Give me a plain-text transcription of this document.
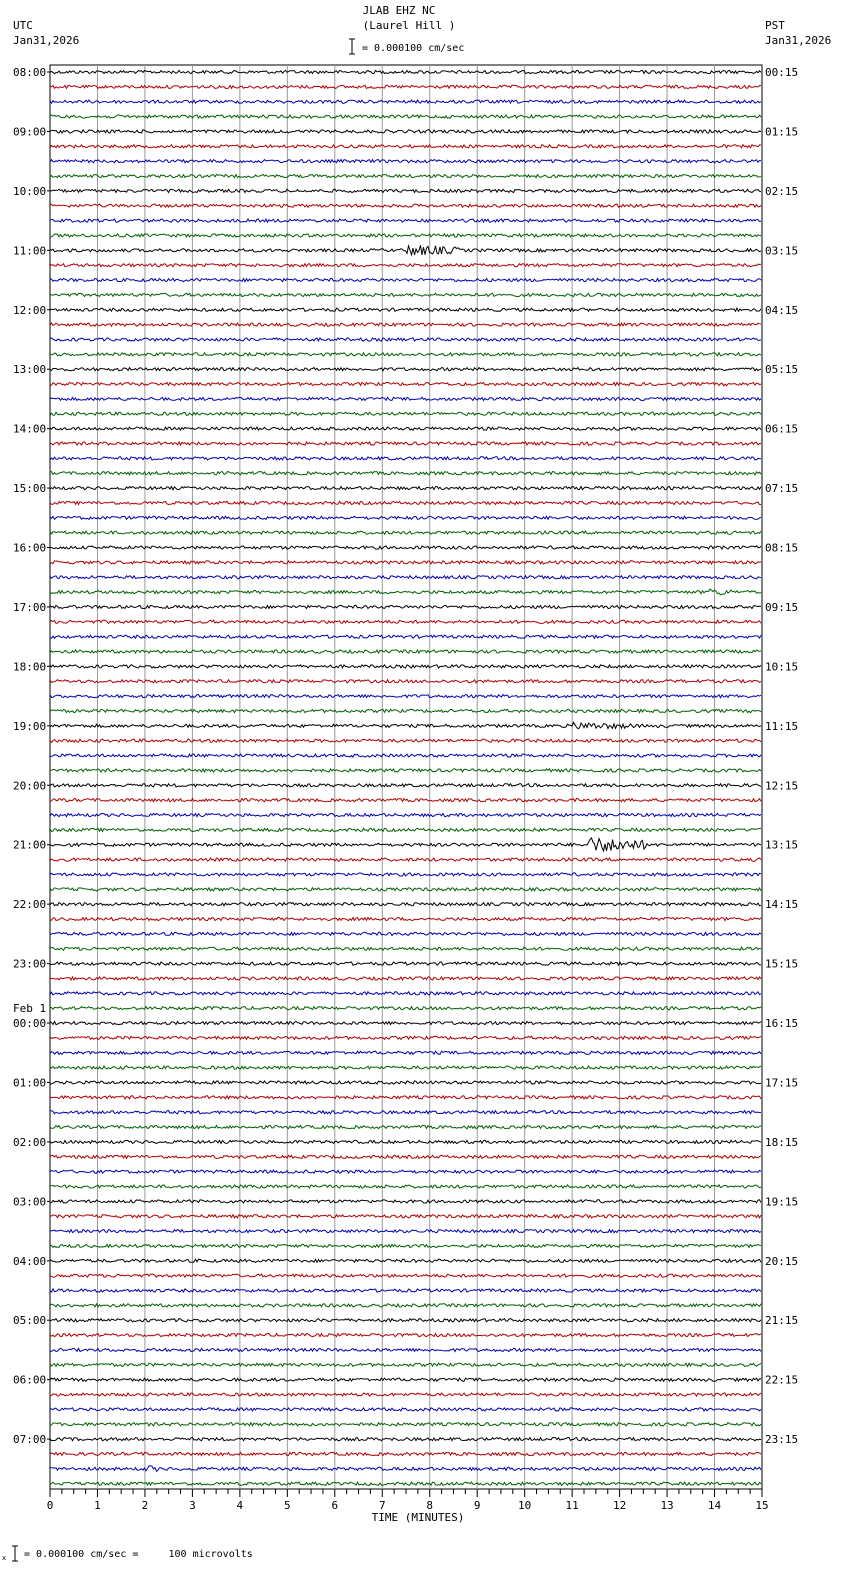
JLAB EHZ NC
(Laurel Hill )
= 0.000100 cm/sec
UTC
Jan31,2026
PST
Jan31,2026
08:00	00:15
09:00	01:15
10:00	02:15
11:00	03:15
12:00	04:15
13:00	05:15
14:00	06:15
15:00	07:15
16:00	08:15
17:00	09:15
18:00	10:15
19:00	11:15
20:00	12:15
21:00	13:15
22:00	14:15
23:00	15:15
00:00	16:15
Feb 1
01:00	17:15
02:00	18:15
03:00	19:15
04:00	20:15
05:00	21:15
06:00	22:15
07:00	23:15
TIME (MINUTES)
0	1	2	3	4	5	6	7	8	9	10	11	12	13	14	15
x = 0.000100 cm/sec =     100 microvolts
